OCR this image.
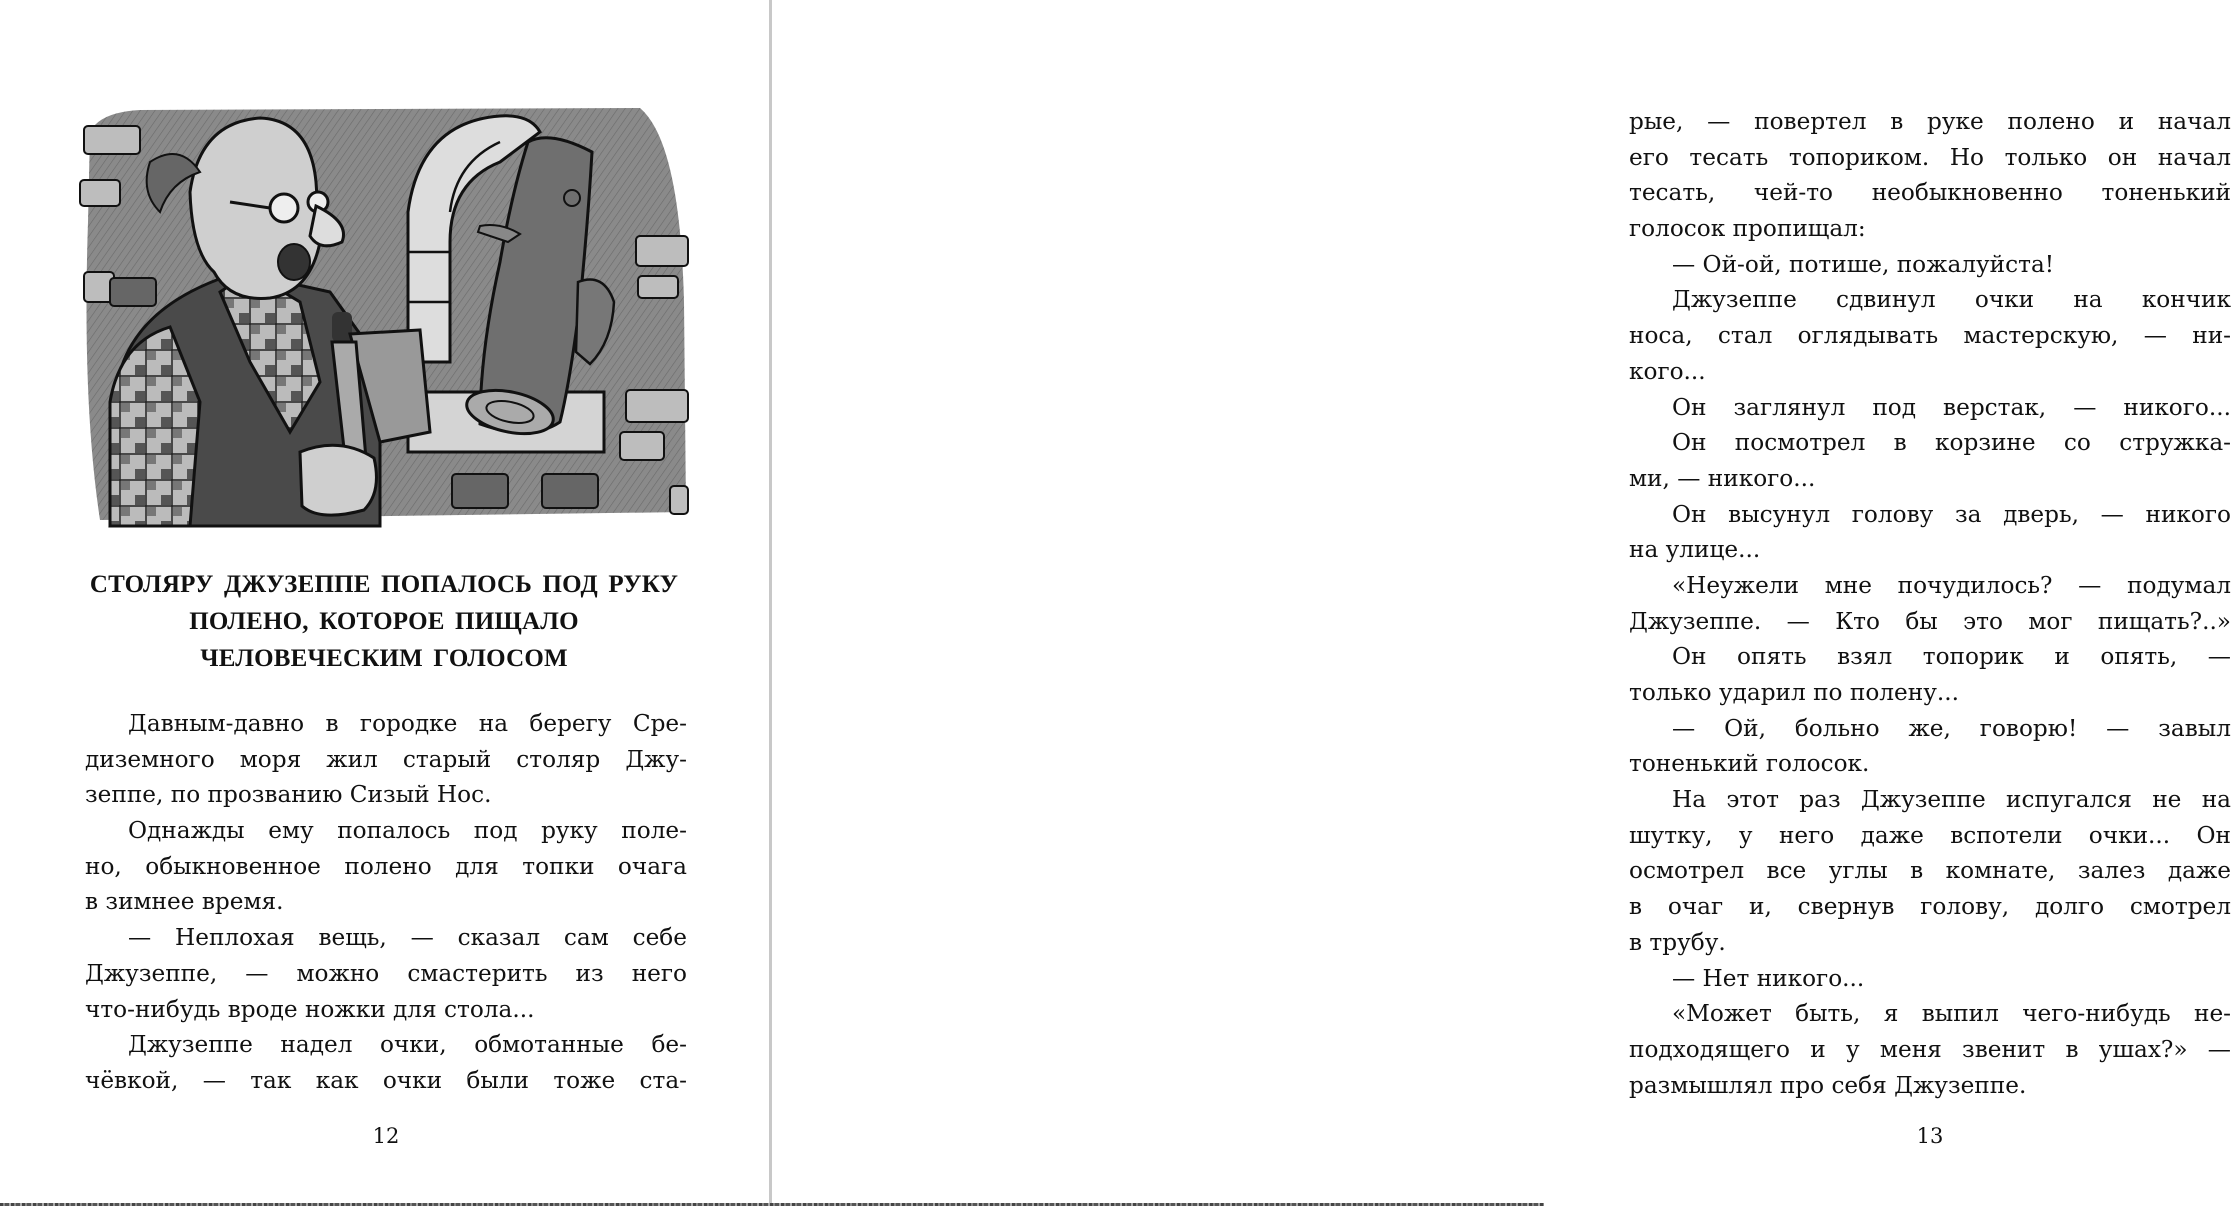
СТОЛЯРУ ДЖУЗЕППЕ ПОПАЛОСЬ ПОД РУКУ
ПОЛЕНО, КОТОРОЕ ПИЩАЛО
ЧЕЛОВЕЧЕСКИМ ГОЛОСОМ
Давным-давно в городке на берегу Сре-
диземного моря жил старый столяр Джу-
зеппе, по прозванию Сизый Нос.
Однажды ему попалось под руку поле-
но, обыкновенное полено для топки очага
в зимнее время.
— Неплохая вещь, — сказал сам себе
Джузеппе, — можно смастерить из него
что-нибудь вроде ножки для стола...
Джузеппе надел очки, обмотанные бе-
чёвкой, — так как очки были тоже ста-
12
рые, — повертел в руке полено и начал
его тесать топориком. Но только он начал
тесать, чей-то необыкновенно тоненький
голосок пропищал:
— Ой-ой, потише, пожалуйста!
Джузеппе сдвинул очки на кончик
носа, стал оглядывать мастерскую, — ни-
кого...
Он заглянул под верстак, — никого...
Он посмотрел в корзине со стружка-
ми, — никого...
Он высунул голову за дверь, — никого
на улице...
«Неужели мне почудилось? — подумал
Джузеппе. — Кто бы это мог пищать?..»
Он опять взял топорик и опять, —
только ударил по полену...
— Ой, больно же, говорю! — завыл
тоненький голосок.
На этот раз Джузеппе испугался не на
шутку, у него даже вспотели очки... Он
осмотрел все углы в комнате, залез даже
в очаг и, свернув голову, долго смотрел
в трубу.
— Нет никого...
«Может быть, я выпил чего-нибудь не-
подходящего и у меня звенит в ушах?» —
размышлял про себя Джузеппе.
13
